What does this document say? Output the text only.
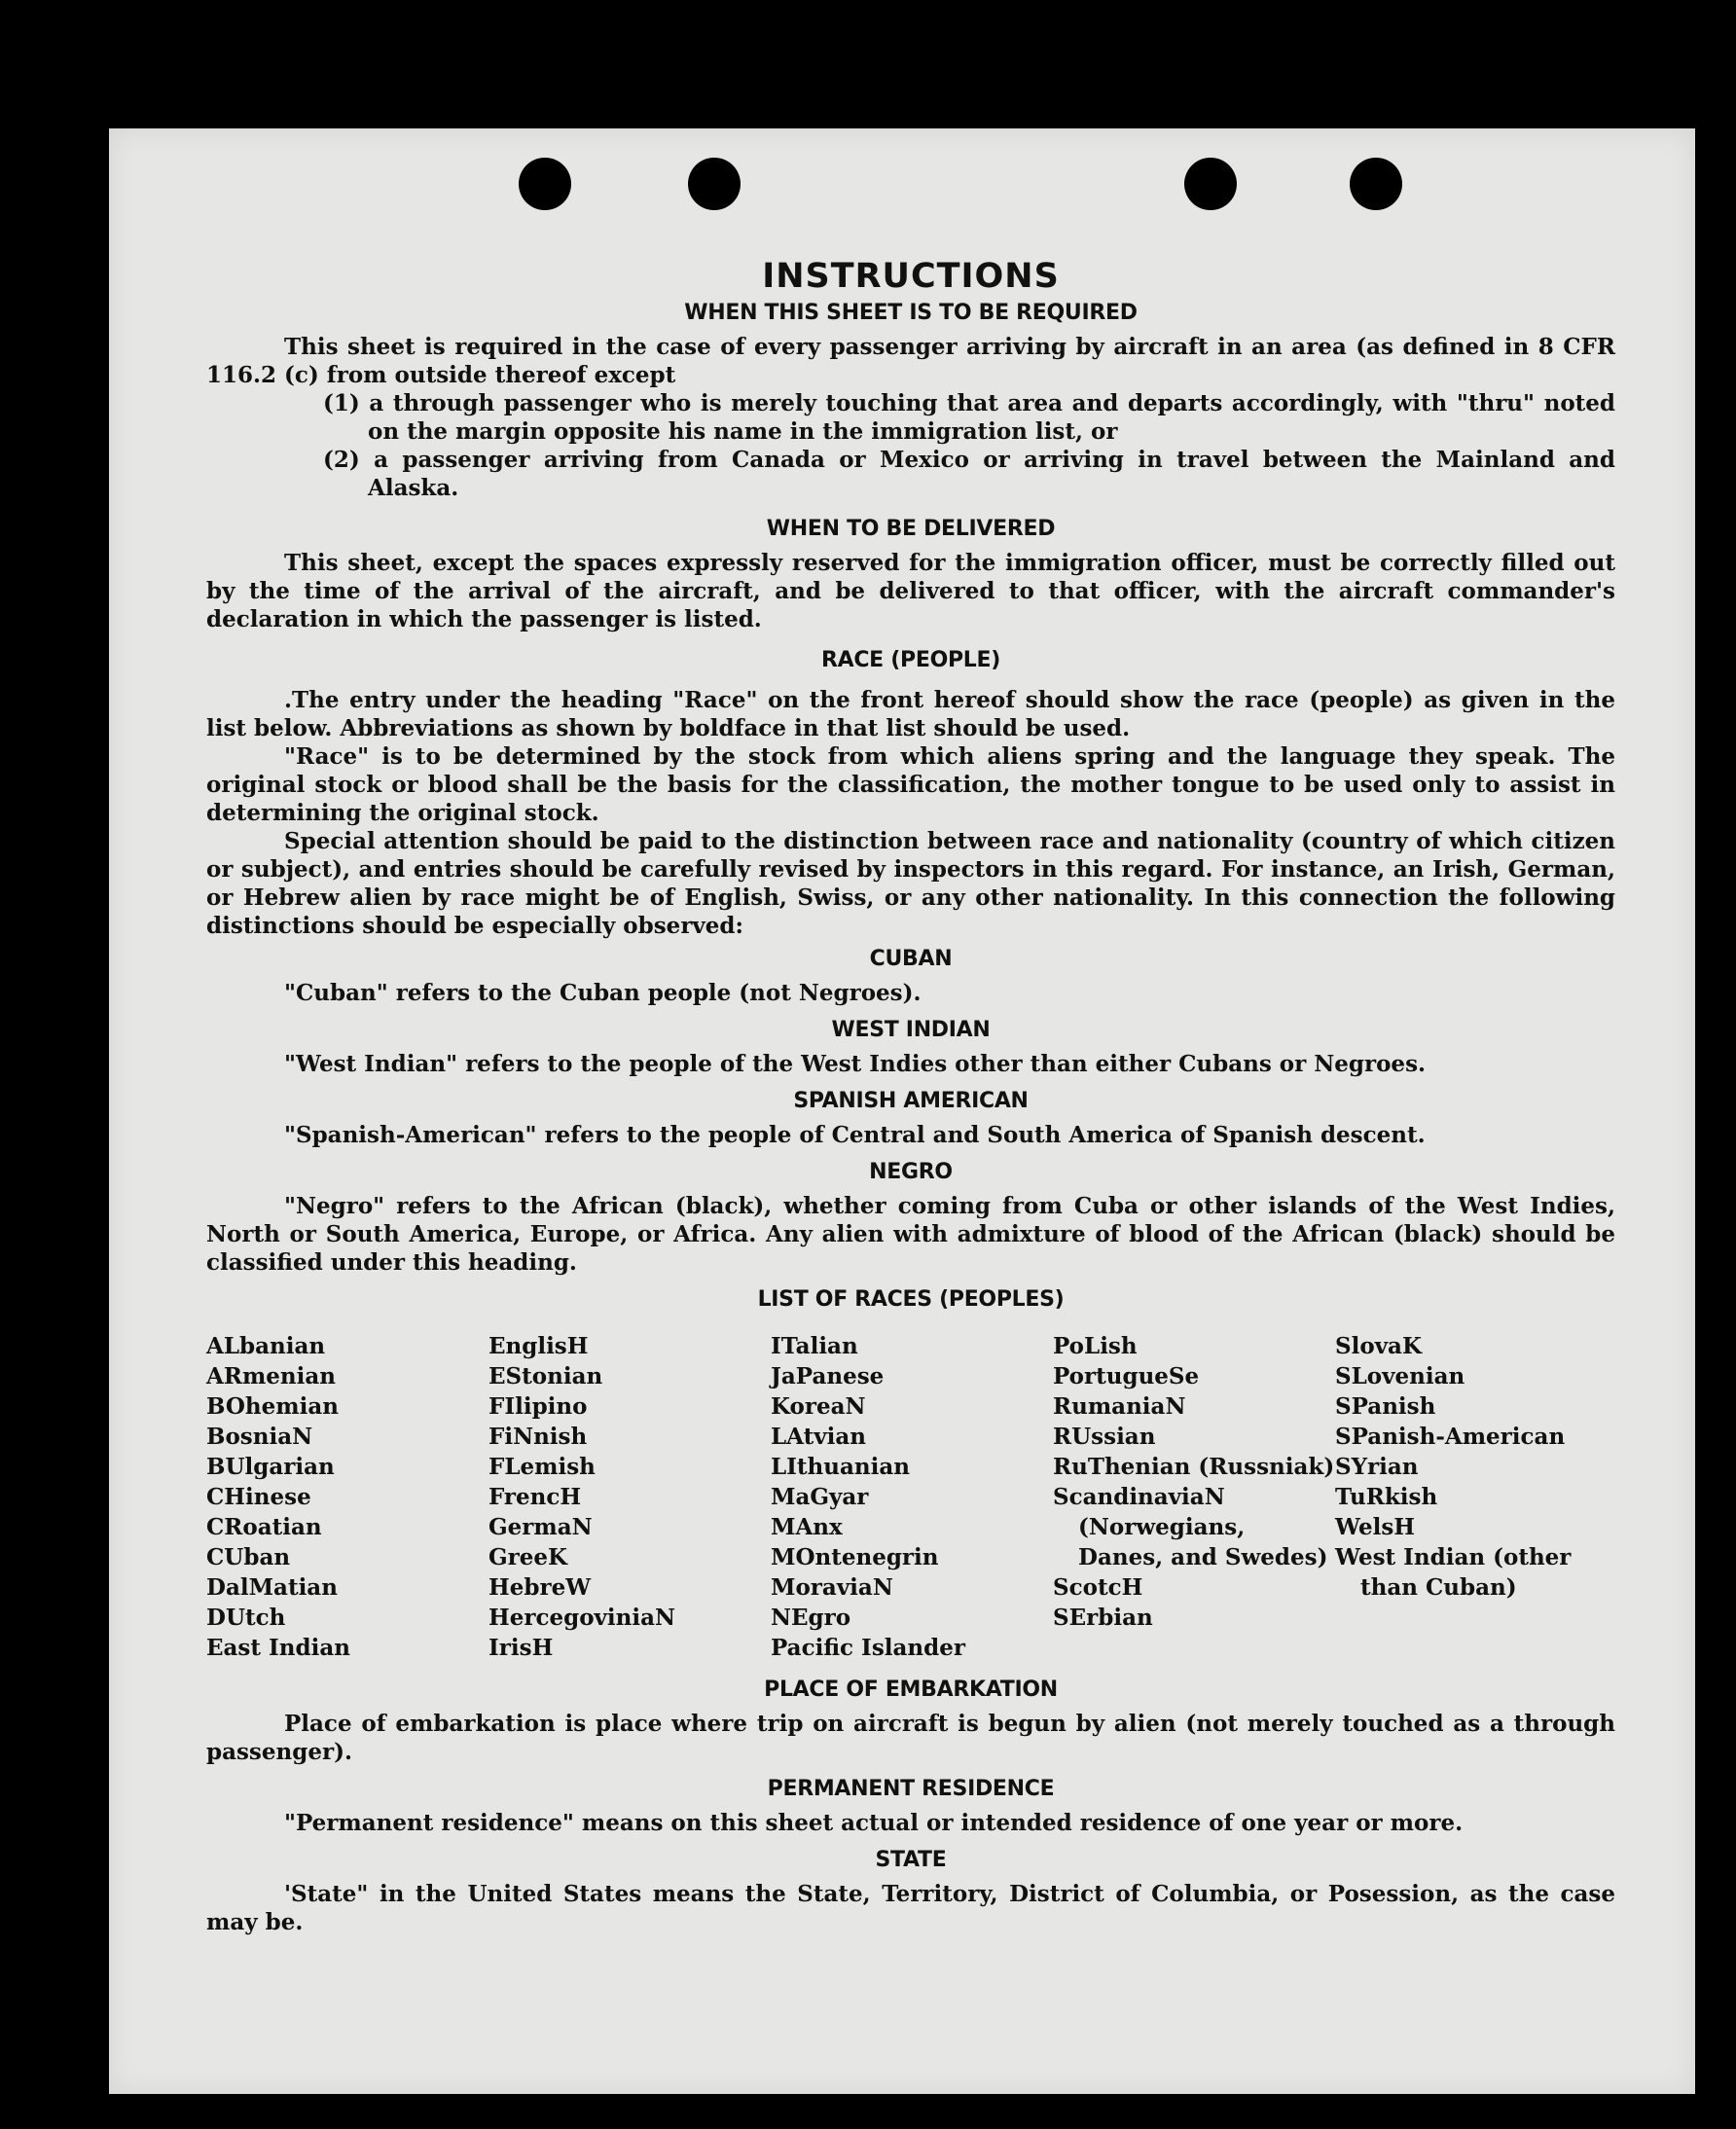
INSTRUCTIONS
WHEN THIS SHEET IS TO BE REQUIRED

This sheet is required in the case of every passenger arriving by aircraft in an area (as defined in 8 CFR 116.2 (c) from outside thereof except

(1) a through passenger who is merely touching that area and departs accordingly, with "thru" noted on the margin opposite his name in the immigration list, or
(2) a passenger arriving from Canada or Mexico or arriving in travel between the Mainland and Alaska.
WHEN TO BE DELIVERED

This sheet, except the spaces expressly reserved for the immigration officer, must be correctly filled out by the time of the arrival of the aircraft, and be delivered to that officer, with the aircraft commander's declaration in which the passenger is listed.

RACE (PEOPLE)

.The entry under the heading "Race" on the front hereof should show the race (people) as given in the list below. Abbreviations as shown by boldface in that list should be used.

"Race" is to be determined by the stock from which aliens spring and the language they speak. The original stock or blood shall be the basis for the classification, the mother tongue to be used only to assist in determining the original stock.

Special attention should be paid to the distinction between race and nationality (country of which citizen or subject), and entries should be carefully revised by inspectors in this regard. For instance, an Irish, German, or Hebrew alien by race might be of English, Swiss, or any other nationality. In this connection the following distinctions should be especially observed:

CUBAN

"Cuban" refers to the Cuban people (not Negroes).

WEST INDIAN

"West Indian" refers to the people of the West Indies other than either Cubans or Negroes.

SPANISH AMERICAN

"Spanish-American" refers to the people of Central and South America of Spanish descent.

NEGRO

"Negro" refers to the African (black), whether coming from Cuba or other islands of the West Indies, North or South America, Europe, or Africa. Any alien with admixture of blood of the African (black) should be classified under this heading.

LIST OF RACES (PEOPLES)
ALbanian
ARmenian
BOhemian
BosniaN
BUlgarian
CHinese
CRoatian
CUban
DalMatian
DUtch
East Indian
EnglisH
EStonian
FIlipino
FiNnish
FLemish
FrencH
GermaN
GreeK
HebreW
HercegoviniaN
IrisH
ITalian
JaPanese
KoreaN
LAtvian
LIthuanian
MaGyar
MAnx
MOntenegrin
MoraviaN
NEgro
Pacific Islander
PoLish
PortugueSe
RumaniaN
RUssian
RuThenian (Russniak)
ScandinaviaN (Norwegians, Danes, and Swedes)
ScotcH
SErbian
SlovaK
SLovenian
SPanish
SPanish-American
SYrian
TuRkish
WelsH
West Indian (other than Cuban)
PLACE OF EMBARKATION

Place of embarkation is place where trip on aircraft is begun by alien (not merely touched as a through passenger).

PERMANENT RESIDENCE

"Permanent residence" means on this sheet actual or intended residence of one year or more.

STATE

'State" in the United States means the State, Territory, District of Columbia, or Posession, as the case may be.
